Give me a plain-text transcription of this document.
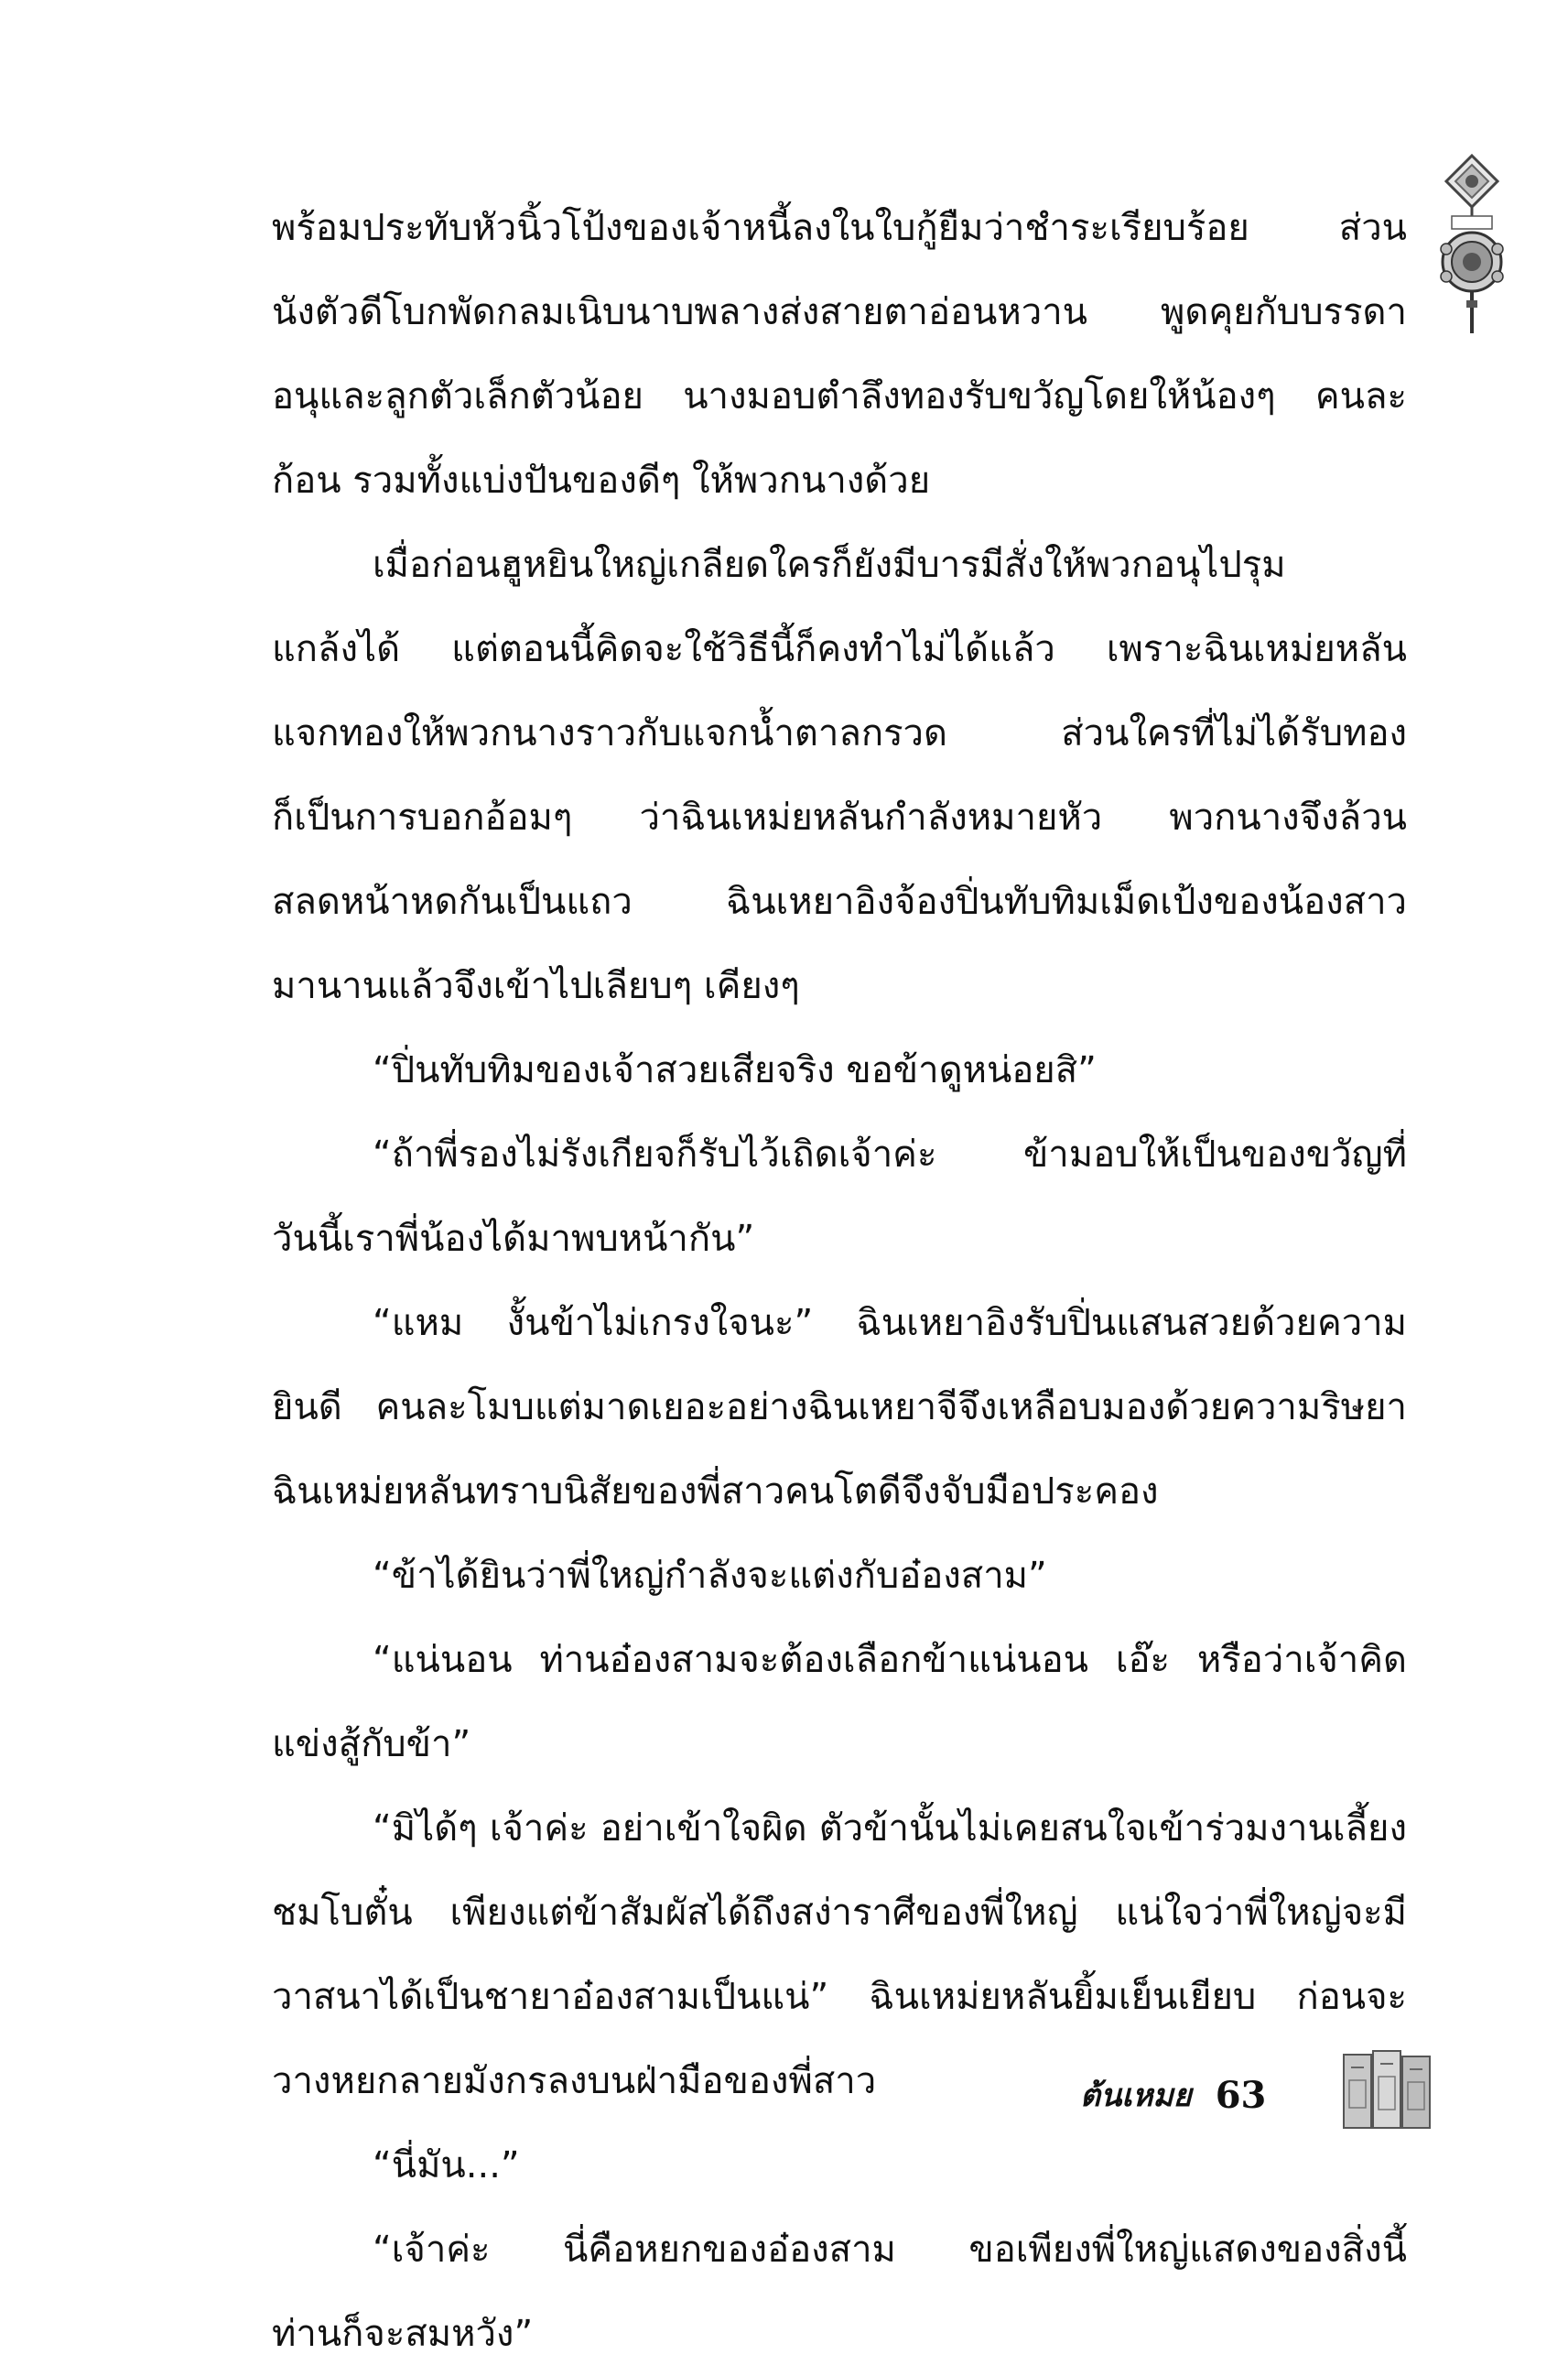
พร้อมประทับหัวนิ้วโป้งของเจ้าหนี้ลงในใบกู้ยืมว่าชำระเรียบร้อย ส่วน
นังตัวดีโบกพัดกลมเนิบนาบพลางส่งสายตาอ่อนหวาน พูดคุยกับบรรดา
อนุและลูกตัวเล็กตัวน้อย นางมอบตำลึงทองรับขวัญโดยให้น้องๆ คนละ
ก้อน รวมทั้งแบ่งปันของดีๆ ให้พวกนางด้วย
เมื่อก่อนฮูหยินใหญ่เกลียดใครก็ยังมีบารมีสั่งให้พวกอนุไปรุม
แกล้งได้ แต่ตอนนี้คิดจะใช้วิธีนี้ก็คงทำไม่ได้แล้ว เพราะฉินเหม่ยหลัน
แจกทองให้พวกนางราวกับแจกน้ำตาลกรวด ส่วนใครที่ไม่ได้รับทอง
ก็เป็นการบอกอ้อมๆ ว่าฉินเหม่ยหลันกำลังหมายหัว พวกนางจึงล้วน
สลดหน้าหดกันเป็นแถว ฉินเหยาอิงจ้องปิ่นทับทิมเม็ดเป้งของน้องสาว
มานานแล้วจึงเข้าไปเลียบๆ เคียงๆ
“ปิ่นทับทิมของเจ้าสวยเสียจริง ขอข้าดูหน่อยสิ”
“ถ้าพี่รองไม่รังเกียจก็รับไว้เถิดเจ้าค่ะ ข้ามอบให้เป็นของขวัญที่
วันนี้เราพี่น้องได้มาพบหน้ากัน”
“แหม งั้นข้าไม่เกรงใจนะ” ฉินเหยาอิงรับปิ่นแสนสวยด้วยความ
ยินดี คนละโมบแต่มาดเยอะอย่างฉินเหยาจีจึงเหลือบมองด้วยความริษยา
ฉินเหม่ยหลันทราบนิสัยของพี่สาวคนโตดีจึงจับมือประคอง
“ข้าได้ยินว่าพี่ใหญ่กำลังจะแต่งกับอ๋องสาม”
“แน่นอน ท่านอ๋องสามจะต้องเลือกข้าแน่นอน เอ๊ะ หรือว่าเจ้าคิด
แข่งสู้กับข้า”
“มิได้ๆ เจ้าค่ะ อย่าเข้าใจผิด ตัวข้านั้นไม่เคยสนใจเข้าร่วมงานเลี้ยง
ชมโบตั๋น เพียงแต่ข้าสัมผัสได้ถึงสง่าราศีของพี่ใหญ่ แน่ใจว่าพี่ใหญ่จะมี
วาสนาได้เป็นชายาอ๋องสามเป็นแน่” ฉินเหม่ยหลันยิ้มเย็นเยียบ ก่อนจะ
วางหยกลายมังกรลงบนฝ่ามือของพี่สาว
“นี่มัน...”
“เจ้าค่ะ นี่คือหยกของอ๋องสาม ขอเพียงพี่ใหญ่แสดงของสิ่งนี้
ท่านก็จะสมหวัง”
ต้นเหมย 63
